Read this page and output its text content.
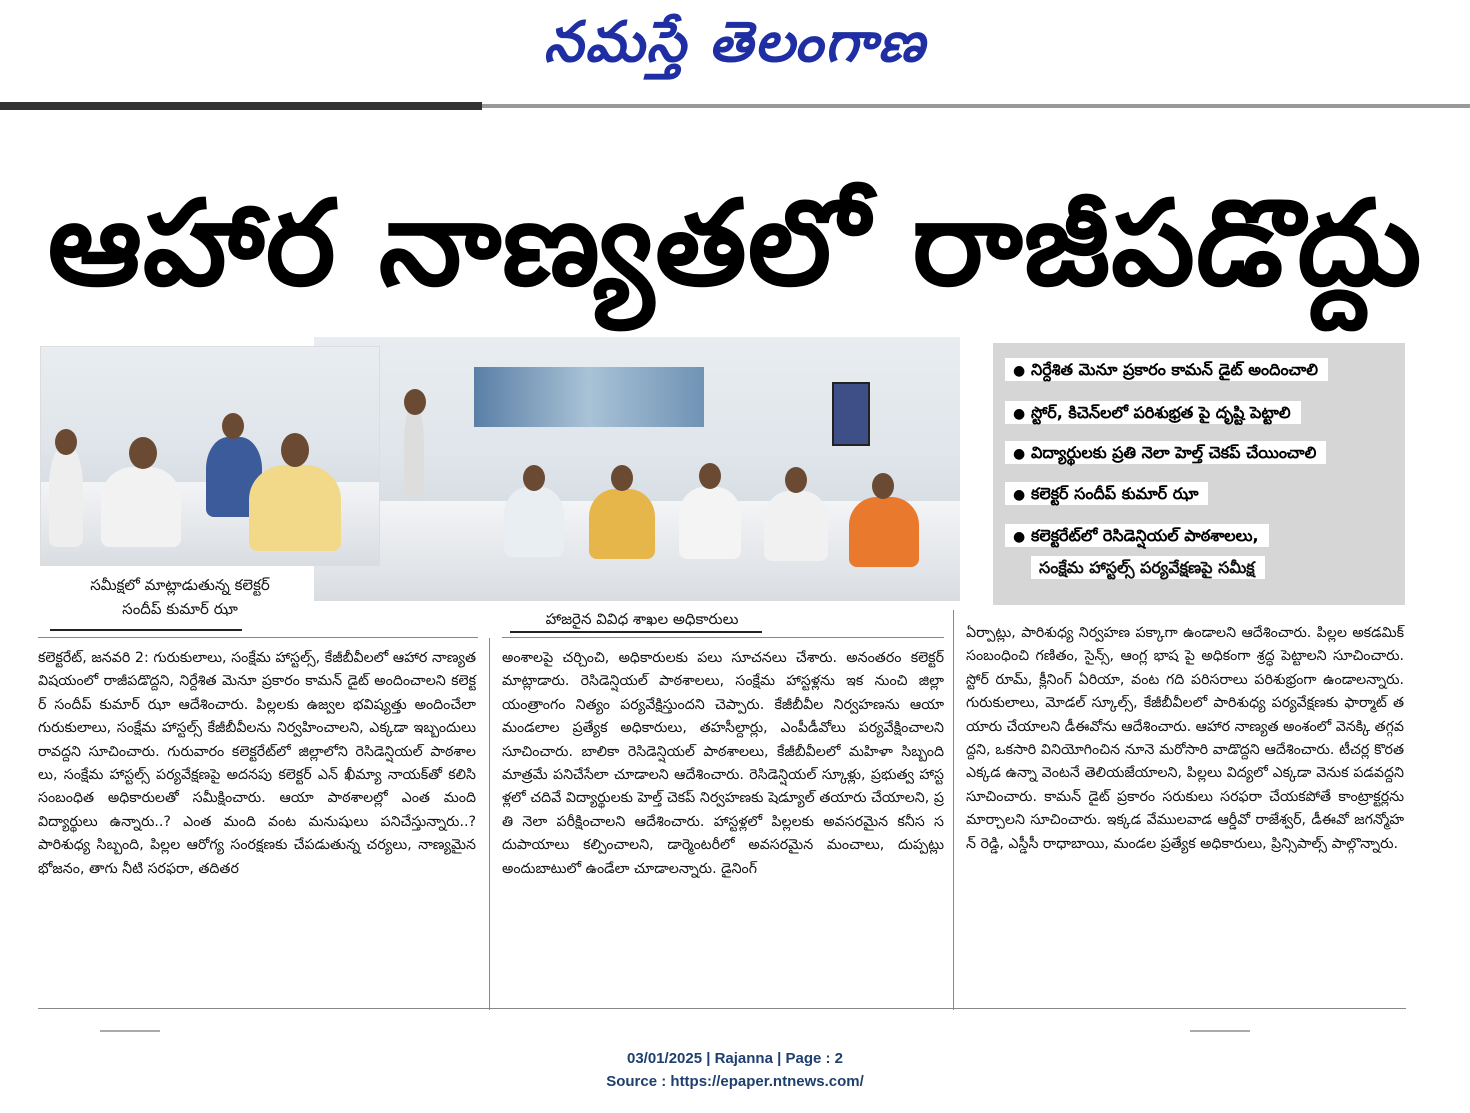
నమస్తే తెలంగాణ
ఆహార నాణ్యతలో రాజీపడొద్దు
సమీక్షలో మాట్లాడుతున్న కలెక్టర్
సందీప్ కుమార్ ఝా
హాజరైన వివిధ శాఖల అధికారులు
● నిర్దేశిత మెనూ ప్రకారం కామన్ డైట్ అందించాలి
● స్టోర్, కిచెన్‌లలో పరిశుభ్రత పై దృష్టి పెట్టాలి
● విద్యార్థులకు ప్రతి నెలా హెల్త్ చెకప్ చేయించాలి
● కలెక్టర్ సందీప్ కుమార్ ఝా
● కలెక్టరేట్‌లో రెసిడెన్షియల్ పాఠశాలలు,
సంక్షేమ హాస్టల్స్ పర్యవేక్షణపై సమీక్ష
కలెక్టరేట్, జనవరి 2: గురుకులాలు, సంక్షేమ హాస్టల్స్, కేజీబీవీలలో ఆహార నాణ్యత విషయంలో రాజీపడొద్దని, నిర్దేశిత మెనూ ప్రకారం కామన్ డైట్ అందించాలని కలెక్టర్ సందీప్ కుమార్ ఝా ఆదేశించారు. పిల్లలకు ఉజ్వల భవిష్యత్తు అందించేలా గురుకులాలు, సంక్షేమ హాస్టల్స్ కేజీబీవీలను నిర్వహించాలని, ఎక్కడా ఇబ్బందులు రావద్దని సూచించారు. గురువారం కలెక్టరేట్‌లో జిల్లాలోని రెసిడెన్షియల్ పాఠశాలలు, సంక్షేమ హాస్టల్స్ పర్యవేక్షణపై అదనపు కలెక్టర్ ఎన్ ఖీమ్యా నాయక్‌తో కలిసి సంబంధిత అధికారులతో సమీక్షించారు. ఆయా పాఠశాలల్లో ఎంత మంది విద్యార్థులు ఉన్నారు..? ఎంత మంది వంట మనుషులు పనిచేస్తున్నారు..? పారిశుధ్య సిబ్బంది, పిల్లల ఆరోగ్య సంరక్షణకు చేపడుతున్న చర్యలు, నాణ్యమైన భోజనం, తాగు నీటి సరఫరా, తదితర
అంశాలపై చర్చించి, అధికారులకు పలు సూచనలు చేశారు. అనంతరం కలెక్టర్ మాట్లాడారు. రెసిడెన్షియల్ పాఠశాలలు, సంక్షేమ హాస్టళ్లను ఇక నుంచి జిల్లా యంత్రాంగం నిత్యం పర్యవేక్షిస్తుందని చెప్పారు. కేజీబీవీల నిర్వహణను ఆయా మండలాల ప్రత్యేక అధికారులు, తహసీల్దార్లు, ఎంపీడీవోలు పర్యవేక్షించాలని సూచించారు. బాలికా రెసిడెన్షియల్ పాఠశాలలు, కేజీబీవీలలో మహిళా సిబ్బంది మాత్రమే పనిచేసేలా చూడాలని ఆదేశించారు. రెసిడెన్షియల్ స్కూళ్లు, ప్రభుత్వ హాస్టళ్లలో చదివే విద్యార్థులకు హెల్త్ చెకప్ నిర్వహణకు షెడ్యూల్ తయారు చేయాలని, ప్రతి నెలా పరీక్షించాలని ఆదేశించారు. హాస్టళ్లలో పిల్లలకు అవసరమైన కనీస సదుపాయాలు కల్పించాలని, డార్మెంటరీలో అవసరమైన మంచాలు, దుప్పట్లు అందుబాటులో ఉండేలా చూడాలన్నారు. డైనింగ్
ఏర్పాట్లు, పారిశుధ్య నిర్వహణ పక్కాగా ఉండాలని ఆదేశించారు. పిల్లల అకడమిక్ సంబంధించి గణితం, సైన్స్, ఆంగ్ల భాష పై అధికంగా శ్రద్ధ పెట్టాలని సూచించారు. స్టోర్ రూమ్, క్లీనింగ్ ఏరియా, వంట గది పరిసరాలు పరిశుభ్రంగా ఉండాలన్నారు. గురుకులాలు, మోడల్ స్కూల్స్, కేజీబీవీలలో పారిశుధ్య పర్యవేక్షణకు ఫార్మాట్ తయారు చేయాలని డీఈవోను ఆదేశించారు. ఆహార నాణ్యత అంశంలో వెనక్కి తగ్గవద్దని, ఒకసారి వినియోగించిన నూనె మరోసారి వాడొద్దని ఆదేశించారు. టీచర్ల కొరత ఎక్కడ ఉన్నా వెంటనే తెలియజేయాలని, పిల్లలు విద్యలో ఎక్కడా వెనుక పడవద్దని సూచించారు. కామన్ డైట్ ప్రకారం సరుకులు సరఫరా చేయకపోతే కాంట్రాక్టర్లను మార్చాలని సూచించారు. ఇక్కడ వేములవాడ ఆర్డీవో రాజేశ్వర్, డీఈవో జగన్మోహన్ రెడ్డి, ఎస్డీసీ రాధాబాయి, మండల ప్రత్యేక అధికారులు, ప్రిన్సిపాల్స్ పాల్గొన్నారు.
03/01/2025 | Rajanna | Page : 2
Source : https://epaper.ntnews.com/
